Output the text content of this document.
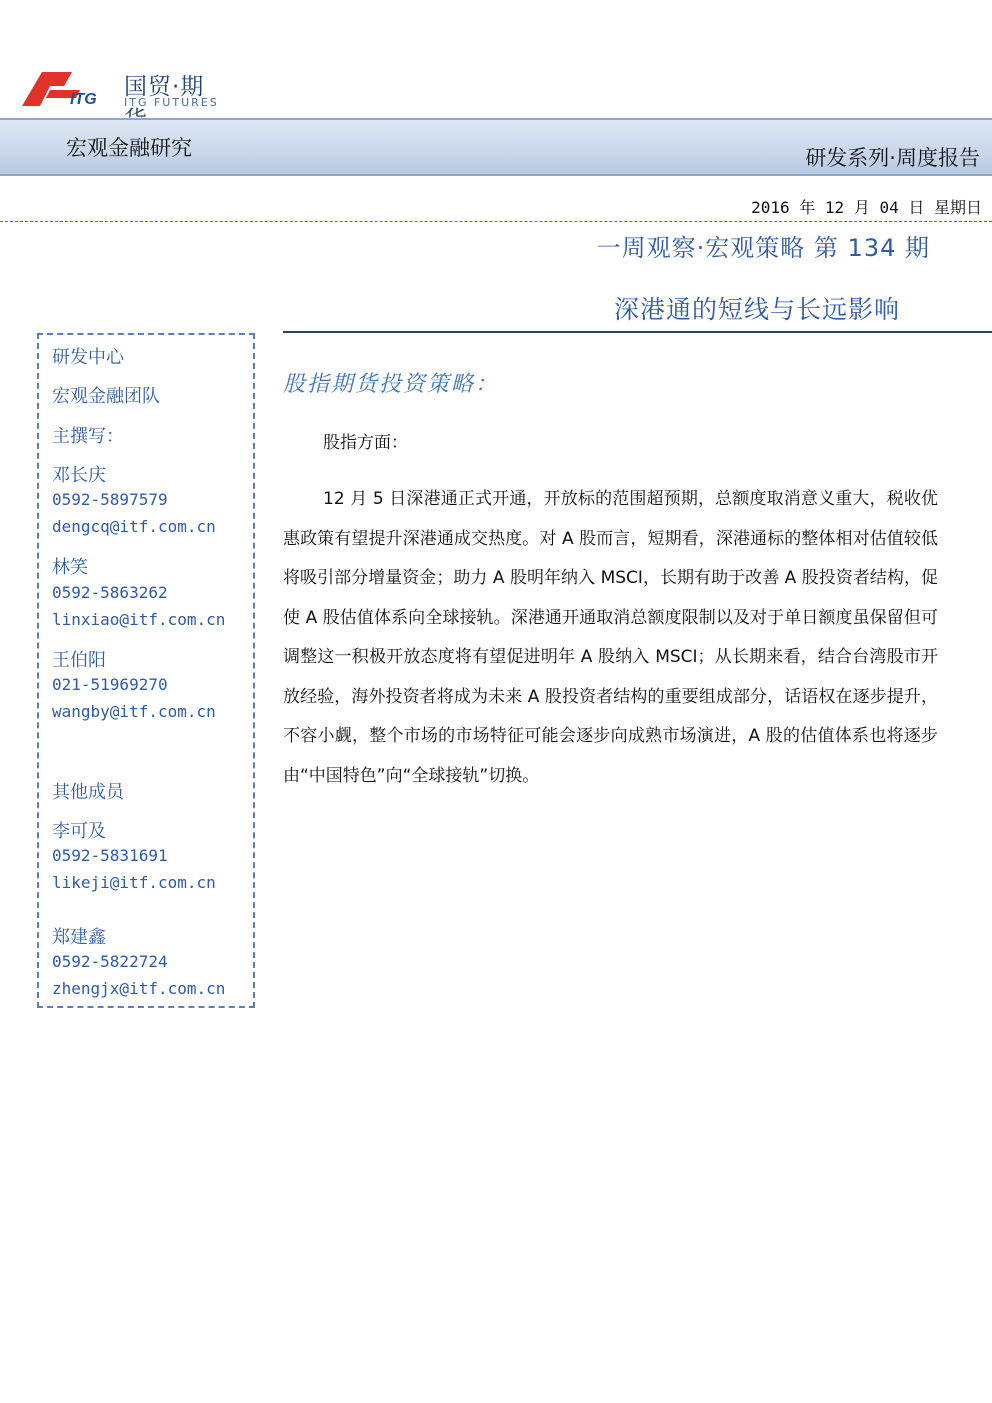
ITG 国贸·期
ITG FUTURES
宏观金融研究	研发系列·周度报告
2016 年 12 月 04 日 星期日
一周观察·宏观策略 第 134 期
深港通的短线与长远影响
研发中心
宏观金融团队
主撰写：
邓长庆
0592-5897579
dengcq@itf.com.cn
林笑
0592-5863262
linxiao@itf.com.cn
王伯阳
021-51969270
wangby@itf.com.cn
其他成员
李可及
0592-5831691
likeji@itf.com.cn
郑建鑫
0592-5822724
zhengjx@itf.com.cn
股指期货投资策略：
股指方面：
12 月 5 日深港通正式开通，开放标的范围超预期，总额度取消意义重大，税收优惠政策有望提升深港通成交热度。对 A 股而言，短期看，深港通标的整体相对估值较低将吸引部分增量资金；助力 A 股明年纳入 MSCI，长期有助于改善 A 股投资者结构，促使 A 股估值体系向全球接轨。深港通开通取消总额度限制以及对于单日额度虽保留但可调整这一积极开放态度将有望促进明年 A 股纳入 MSCI；从长期来看，结合台湾股市开放经验，海外投资者将成为未来 A 股投资者结构的重要组成部分，话语权在逐步提升，不容小觑，整个市场的市场特征可能会逐步向成熟市场演进，A 股的估值体系也将逐步由“中国特色”向“全球接轨”切换。
